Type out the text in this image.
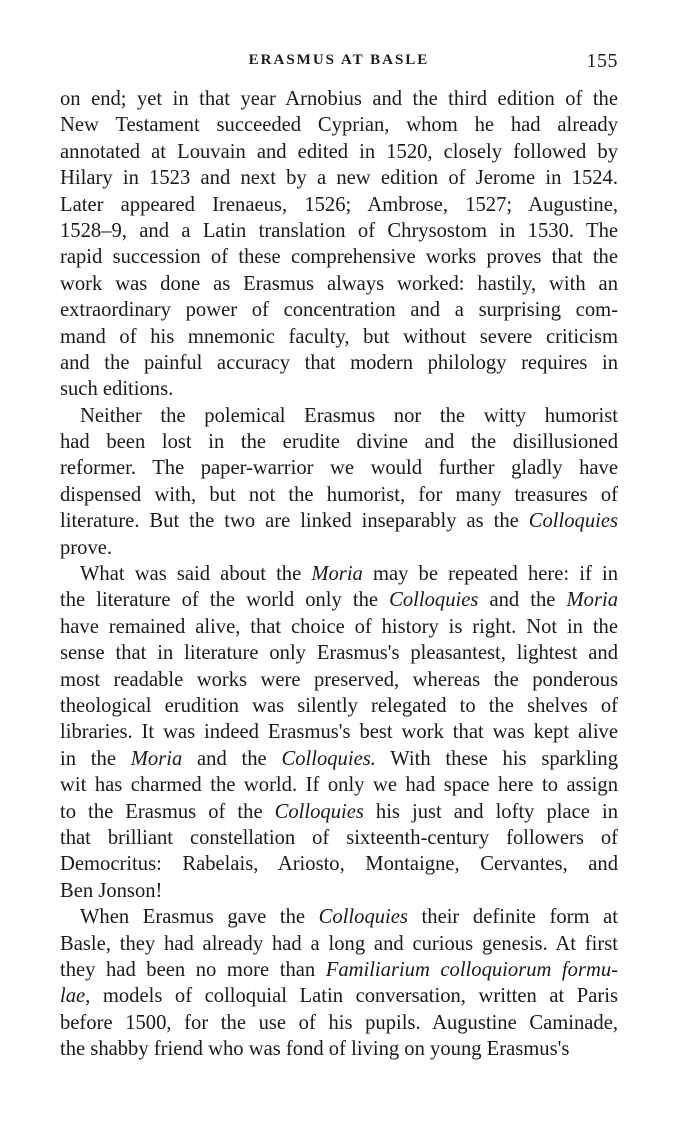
ERASMUS AT BASLE	155
on end; yet in that year Arnobius and the third edition of the
New Testament succeeded Cyprian, whom he had already
annotated at Louvain and edited in 1520, closely followed by
Hilary in 1523 and next by a new edition of Jerome in 1524.
Later appeared Irenaeus, 1526; Ambrose, 1527; Augustine,
1528–9, and a Latin translation of Chrysostom in 1530. The
rapid succession of these comprehensive works proves that the
work was done as Erasmus always worked: hastily, with an
extraordinary power of concentration and a surprising com-
mand of his mnemonic faculty, but without severe criticism
and the painful accuracy that modern philology requires in
such editions.
Neither the polemical Erasmus nor the witty humorist
had been lost in the erudite divine and the disillusioned
reformer. The paper-warrior we would further gladly have
dispensed with, but not the humorist, for many treasures of
literature. But the two are linked inseparably as the Colloquies
prove.
What was said about the Moria may be repeated here: if in
the literature of the world only the Colloquies and the Moria
have remained alive, that choice of history is right. Not in the
sense that in literature only Erasmus's pleasantest, lightest and
most readable works were preserved, whereas the ponderous
theological erudition was silently relegated to the shelves of
libraries. It was indeed Erasmus's best work that was kept alive
in the Moria and the Colloquies. With these his sparkling
wit has charmed the world. If only we had space here to assign
to the Erasmus of the Colloquies his just and lofty place in
that brilliant constellation of sixteenth-century followers of
Democritus: Rabelais, Ariosto, Montaigne, Cervantes, and
Ben Jonson!
When Erasmus gave the Colloquies their definite form at
Basle, they had already had a long and curious genesis. At first
they had been no more than Familiarium colloquiorum formu-
lae, models of colloquial Latin conversation, written at Paris
before 1500, for the use of his pupils. Augustine Caminade,
the shabby friend who was fond of living on young Erasmus's
